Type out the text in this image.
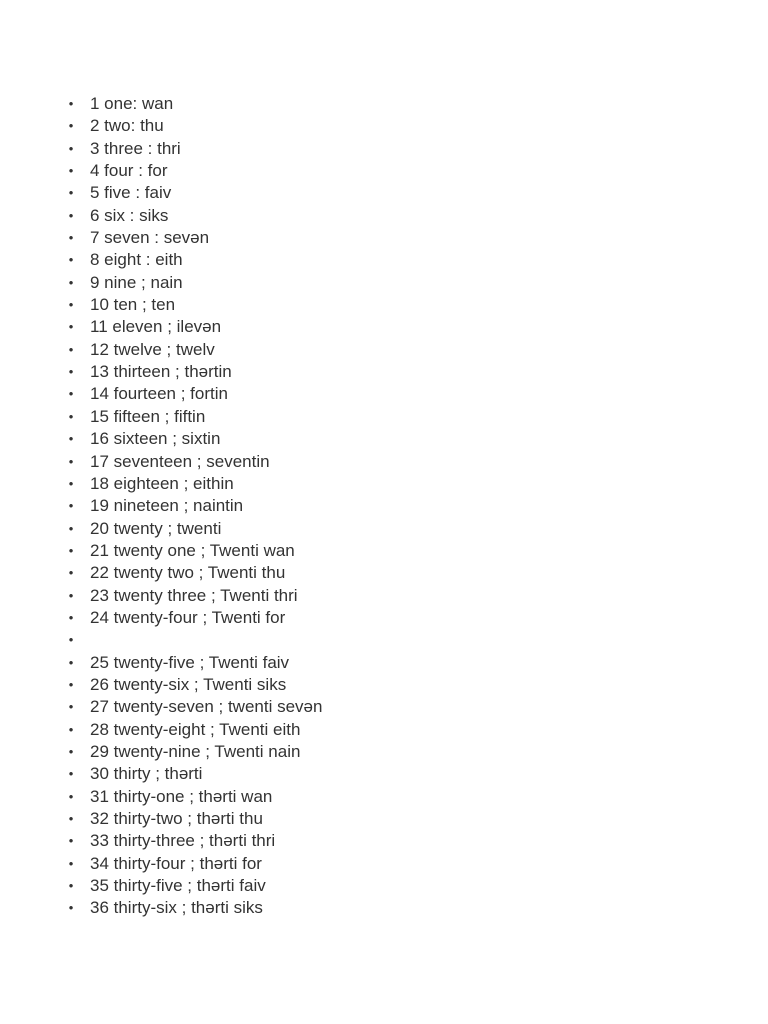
• 1 one: wan
• 2 two: thu
• 3 three : thri
• 4 four : for
• 5 five : faiv
• 6 six : siks
• 7 seven : sevən
• 8 eight : eith
• 9 nine ; nain
• 10 ten ; ten
• 11 eleven ; ilevən
• 12 twelve ; twelv
• 13 thirteen ; thərtin
• 14 fourteen ; fortin
• 15 fifteen ; fiftin
• 16 sixteen ; sixtin
• 17 seventeen ; seventin
• 18 eighteen ; eithin
• 19 nineteen ; naintin
• 20 twenty ; twenti
• 21 twenty one ; Twenti wan
• 22 twenty two ; Twenti thu
• 23 twenty three ; Twenti thri
• 24 twenty-four ; Twenti for
•
• 25 twenty-five ; Twenti faiv
• 26 twenty-six ; Twenti siks
• 27 twenty-seven ; twenti sevən
• 28 twenty-eight ; Twenti eith
• 29 twenty-nine ; Twenti nain
• 30 thirty ; thərti
• 31 thirty-one ; thərti wan
• 32 thirty-two ; thərti thu
• 33 thirty-three ; thərti thri
• 34 thirty-four ; thərti for
• 35 thirty-five ; thərti faiv
• 36 thirty-six ; thərti siks
